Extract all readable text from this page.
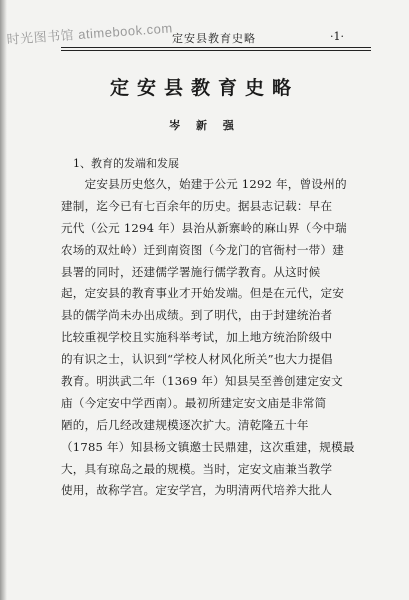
时光图书馆 atimebook.com
定安县教育史略	·1·
定安县教育史略
岑 新 强
1、教育的发端和发展
　　定安县历史悠久，始建于公元 1292 年，曾设州的
建制，迄今已有七百余年的历史。据县志记载：早在
元代（公元 1294 年）县治从新寨岭的麻山界（今中瑞
农场的双灶岭）迁到南资图（今龙门的官衙村一带）建
县署的同时，还建儒学署施行儒学教育。从这时候
起，定安县的教育事业才开始发端。但是在元代，定安
县的儒学尚未办出成绩。到了明代，由于封建统治者
比较重视学校且实施科举考试，加上地方统治阶级中
的有识之士，认识到“学校人材风化所关”也大力提倡
教育。明洪武二年（1369 年）知县吴至善创建定安文
庙（今定安中学西南）。最初所建定安文庙是非常简
陋的，后几经改建规模逐次扩大。清乾隆五十年
（1785 年）知县杨文镇邀士民鼎建，这次重建，规模最
大，具有琼岛之最的规模。当时，定安文庙兼当教学
使用，故称学宫。定安学宫，为明清两代培养大批人
